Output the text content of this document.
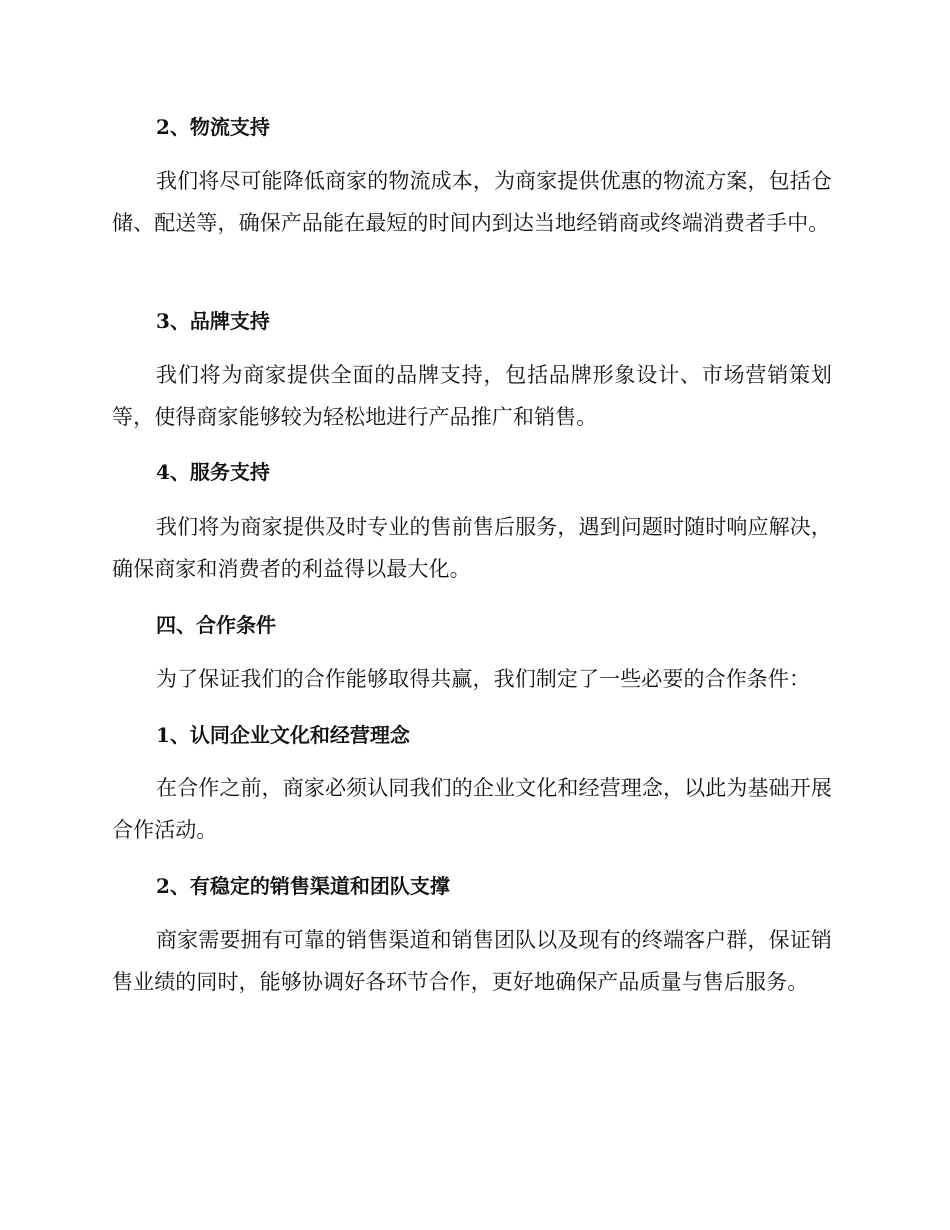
2、物流支持

我们将尽可能降低商家的物流成本，为商家提供优惠的物流方案，包括仓储、配送等，确保产品能在最短的时间内到达当地经销商或终端消费者手中。

3、品牌支持

我们将为商家提供全面的品牌支持，包括品牌形象设计、市场营销策划等，使得商家能够较为轻松地进行产品推广和销售。

4、服务支持

我们将为商家提供及时专业的售前售后服务，遇到问题时随时响应解决，确保商家和消费者的利益得以最大化。

四、合作条件

为了保证我们的合作能够取得共赢，我们制定了一些必要的合作条件：

1、认同企业文化和经营理念

在合作之前，商家必须认同我们的企业文化和经营理念，以此为基础开展合作活动。

2、有稳定的销售渠道和团队支撑

商家需要拥有可靠的销售渠道和销售团队以及现有的终端客户群，保证销售业绩的同时，能够协调好各环节合作，更好地确保产品质量与售后服务。
